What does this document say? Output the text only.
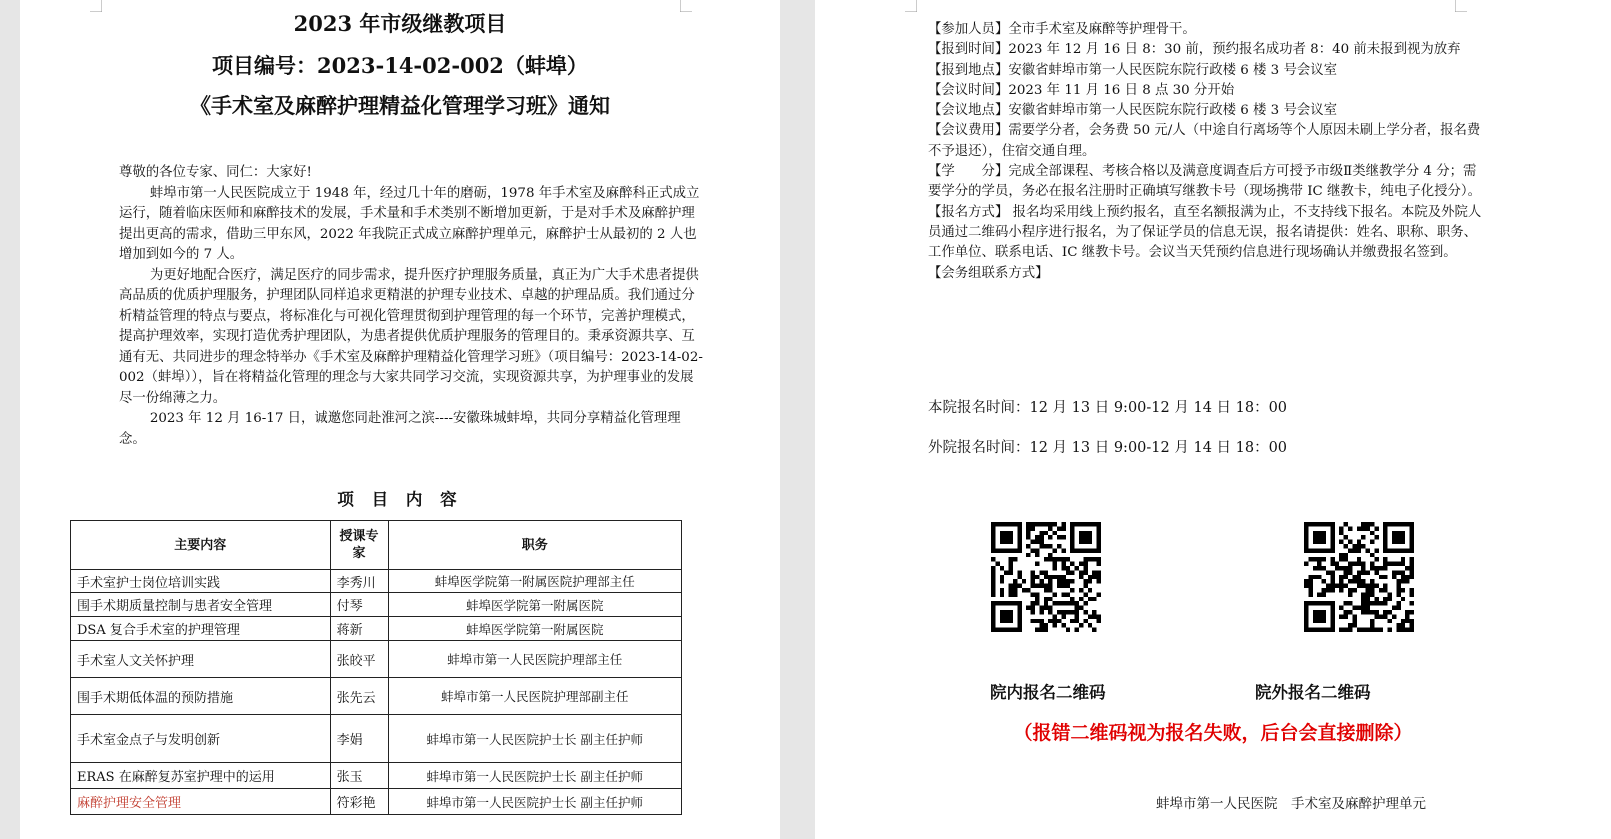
2023 年市级继教项目
项目编号：2023-14-02-002（蚌埠）
《手术室及麻醉护理精益化管理学习班》通知

尊敬的各位专家、同仁：大家好!

蚌埠市第一人民医院成立于 1948 年，经过几十年的磨砺，1978 年手术室及麻醉科正式成立运行，随着临床医师和麻醉技术的发展，手术量和手术类别不断增加更新，于是对手术及麻醉护理提出更高的需求，借助三甲东风，2022 年我院正式成立麻醉护理单元，麻醉护士从最初的 2 人也增加到如今的 7 人。

为更好地配合医疗，满足医疗的同步需求，提升医疗护理服务质量，真正为广大手术患者提供高品质的优质护理服务，护理团队同样追求更精湛的护理专业技术、卓越的护理品质。我们通过分析精益管理的特点与要点，将标准化与可视化管理贯彻到护理管理的每一个环节，完善护理模式，提高护理效率，实现打造优秀护理团队，为患者提供优质护理服务的管理目的。秉承资源共享、互通有无、共同进步的理念特举办《手术室及麻醉护理精益化管理学习班》（项目编号：2023-14-02-002（蚌埠）），旨在将精益化管理的理念与大家共同学习交流，实现资源共享，为护理事业的发展尽一份绵薄之力。

2023 年 12 月 16-17 日，诚邀您同赴淮河之滨----安徽珠城蚌埠，共同分享精益化管理理念。

项 目 内 容
主要内容	授课专家	职务
手术室护士岗位培训实践	李秀川	蚌埠医学院第一附属医院护理部主任
围手术期质量控制与患者安全管理	付琴	蚌埠医学院第一附属医院
DSA 复合手术室的护理管理	蒋新	蚌埠医学院第一附属医院
手术室人文关怀护理	张皎平	蚌埠市第一人民医院护理部主任
围手术期低体温的预防措施	张先云	蚌埠市第一人民医院护理部副主任
手术室金点子与发明创新	李娟	蚌埠市第一人民医院护士长 副主任护师
ERAS 在麻醉复苏室护理中的运用	张玉	蚌埠市第一人民医院护士长 副主任护师
麻醉护理安全管理	符彩艳	蚌埠市第一人民医院护士长 副主任护师

【参加人员】全市手术室及麻醉等护理骨干。

【报到时间】2023 年 12 月 16 日 8：30 前，预约报名成功者 8：40 前未报到视为放弃

【报到地点】安徽省蚌埠市第一人民医院东院行政楼 6 楼 3 号会议室

【会议时间】2023 年 11 月 16 日 8 点 30 分开始

【会议地点】安徽省蚌埠市第一人民医院东院行政楼 6 楼 3 号会议室

【会议费用】需要学分者，会务费 50 元/人（中途自行离场等个人原因未刷上学分者，报名费不予退还），住宿交通自理。

【学　　分】完成全部课程、考核合格以及满意度调查后方可授予市级Ⅱ类继教学分 4 分；需要学分的学员，务必在报名注册时正确填写继教卡号（现场携带 IC 继教卡，纯电子化授分）。

【报名方式】 报名均采用线上预约报名，直至名额报满为止，不支持线下报名。本院及外院人员通过二维码小程序进行报名，为了保证学员的信息无误，报名请提供：姓名、职称、职务、工作单位、联系电话、IC 继教卡号。会议当天凭预约信息进行现场确认并缴费报名签到。

【会务组联系方式】

本院报名时间：12 月 13 日 9:00-12 月 14 日 18：00
外院报名时间：12 月 13 日 9:00-12 月 14 日 18：00
院内报名二维码	院外报名二维码
（报错二维码视为报名失败，后台会直接删除）
蚌埠市第一人民医院　手术室及麻醉护理单元
